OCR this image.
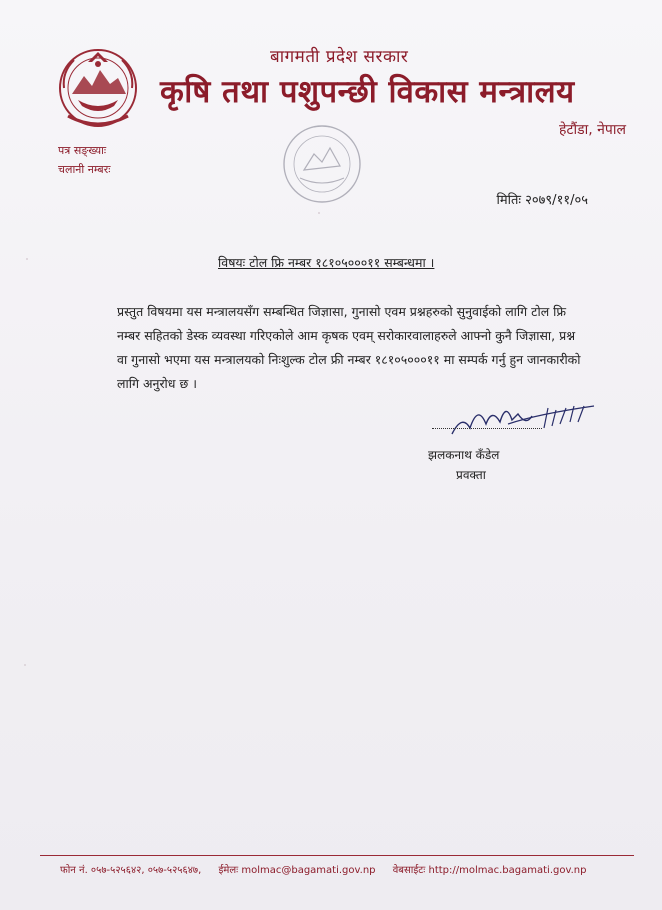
बागमती प्रदेश सरकार
कृषि तथा पशुपन्छी विकास मन्त्रालय
हेटौंडा, नेपाल
पत्र सङ्ख्याः
चलानी नम्बरः
मितिः २०७९/११/०५
विषयः टोल फ्रि नम्बर १८१०५०००११ सम्बन्धमा ।
प्रस्तुत विषयमा यस मन्त्रालयसँग सम्बन्धित जिज्ञासा, गुनासो एवम प्रश्नहरुको सुनुवाईको लागि टोल फ्रि नम्बर सहितको डेस्क व्यवस्था गरिएकोले आम कृषक एवम् सरोकारवालाहरुले आफ्नो कुनै जिज्ञासा, प्रश्न वा गुनासो भएमा यस मन्त्रालयको निःशुल्क टोल फ्री नम्बर १८१०५०००११ मा सम्पर्क गर्नु हुन जानकारीको लागि अनुरोध छ ।
झलकनाथ कँडेल
प्रवक्ता
फोन नं. ०५७-५२५६४२, ०५७-५२५६४७, ईमेलः molmac@bagamati.gov.np वेबसाईटः http://molmac.bagamati.gov.np
